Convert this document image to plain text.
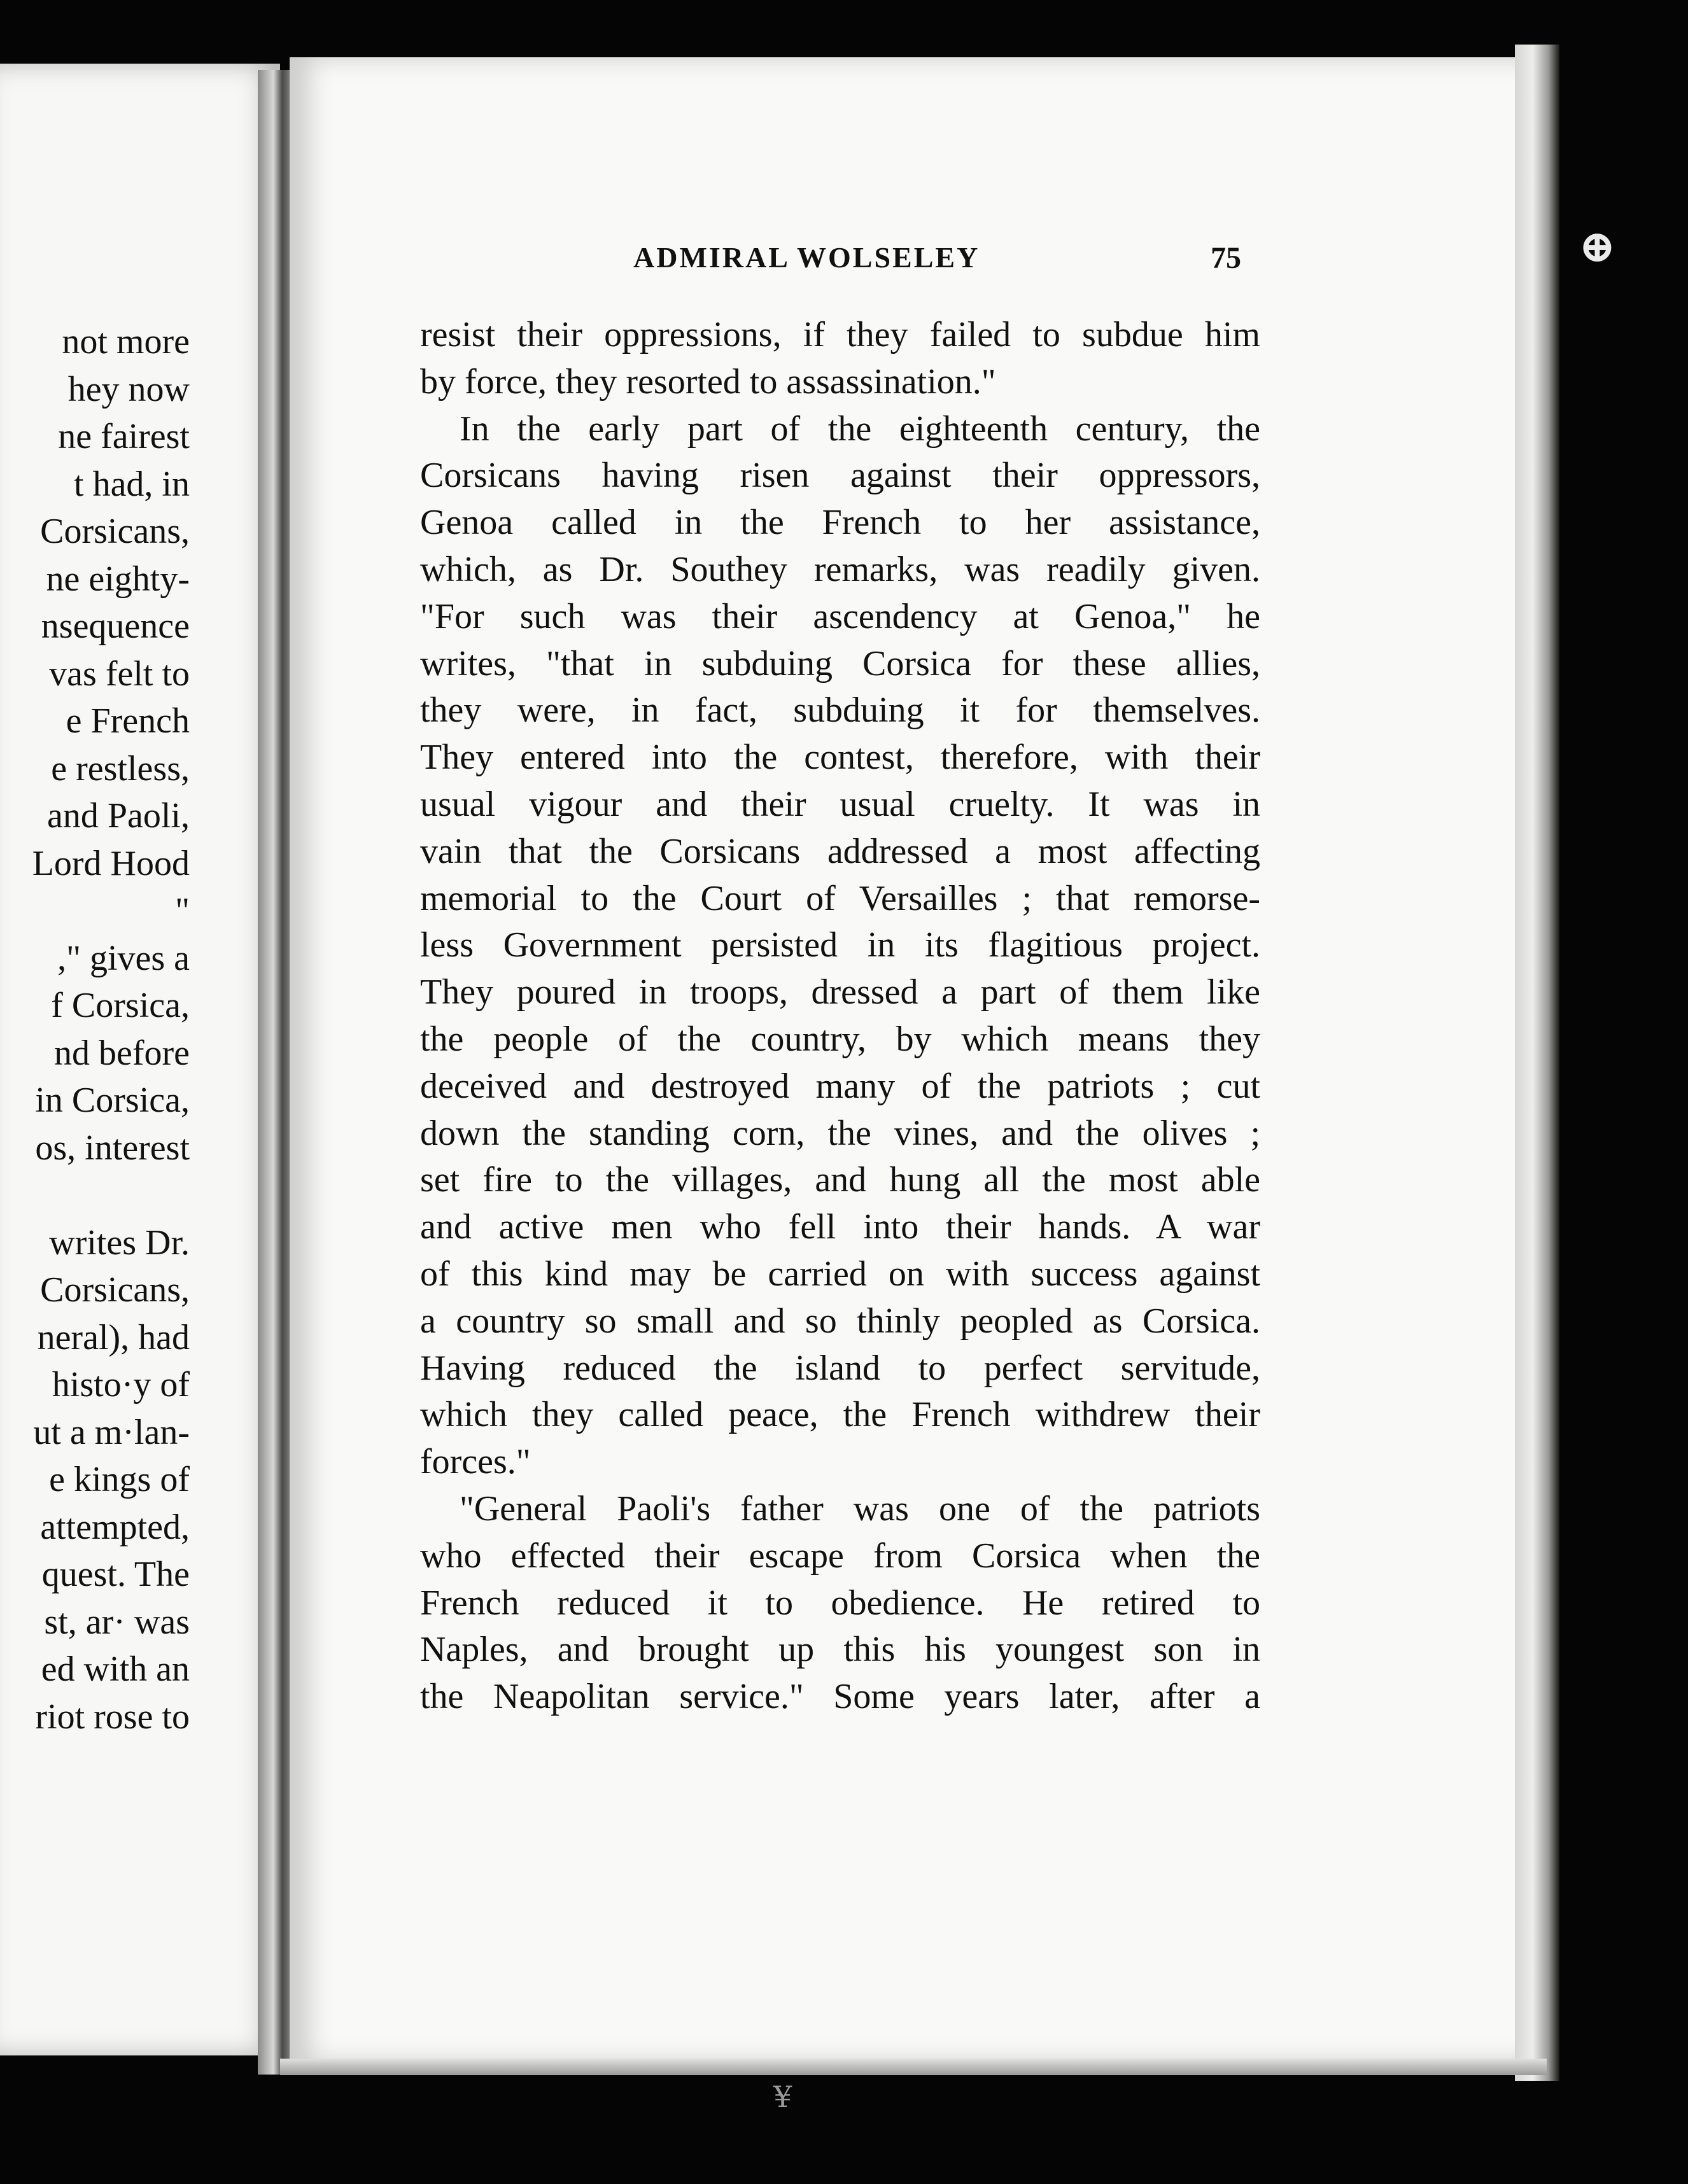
⊕
¥
not more
hey now
ne fairest
t had, in
Corsicans,
ne eighty-
nsequence
vas felt to
e French
e restless,
and Paoli,
Lord Hood
"
," gives a
f Corsica,
nd before
in Corsica,
os, interest
writes Dr.
Corsicans,
neral), had
histo·y of
ut a m·lan-
e kings of
attempted,
quest. The
st, ar· was
ed with an
riot rose to
ADMIRAL WOLSELEY	75
resist their oppressions, if they failed to subdue him
by force, they resorted to assassination."
In the early part of the eighteenth century, the
Corsicans having risen against their oppressors,
Genoa called in the French to her assistance,
which, as Dr. Southey remarks, was readily given.
"For such was their ascendency at Genoa," he
writes, "that in subduing Corsica for these allies,
they were, in fact, subduing it for themselves.
They entered into the contest, therefore, with their
usual vigour and their usual cruelty. It was in
vain that the Corsicans addressed a most affecting
memorial to the Court of Versailles ; that remorse-
less Government persisted in its flagitious project.
They poured in troops, dressed a part of them like
the people of the country, by which means they
deceived and destroyed many of the patriots ; cut
down the standing corn, the vines, and the olives ;
set fire to the villages, and hung all the most able
and active men who fell into their hands. A war
of this kind may be carried on with success against
a country so small and so thinly peopled as Corsica.
Having reduced the island to perfect servitude,
which they called peace, the French withdrew their
forces."
"General Paoli's father was one of the patriots
who effected their escape from Corsica when the
French reduced it to obedience. He retired to
Naples, and brought up this his youngest son in
the Neapolitan service." Some years later, after a
